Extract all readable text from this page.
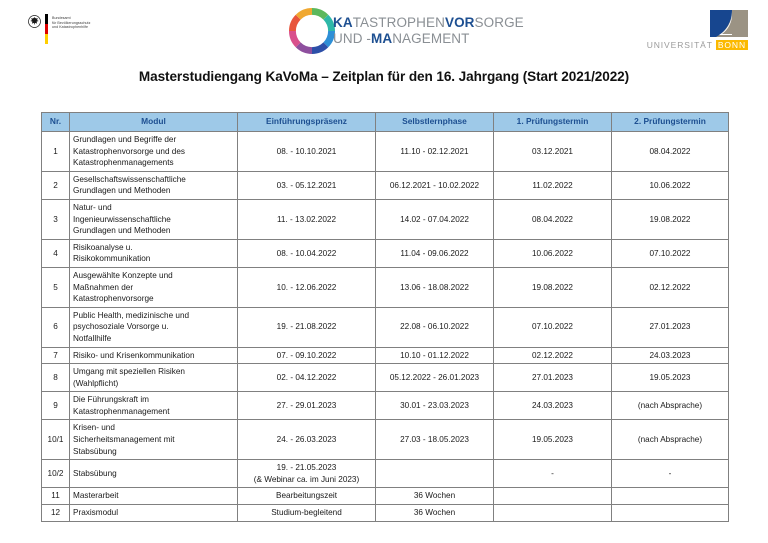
Bundesamt
für Bevölkerungsschutz
und Katastrophenhilfe	KATASTROPHENVORSORGE
UND -MANAGEMENT	UNIVERSITÄT BONN
Masterstudiengang KaVoMa – Zeitplan für den 16. Jahrgang (Start 2021/2022)
Nr.	Modul	Einführungspräsenz	Selbstlernphase	1. Prüfungstermin	2. Prüfungstermin
1	Grundlagen und Begriffe der
Katastrophenvorsorge und des
Katastrophenmanagements	08. - 10.10.2021	11.10 - 02.12.2021	03.12.2021	08.04.2022

2	Gesellschaftswissenschaftliche
Grundlagen und Methoden	03. - 05.12.2021	06.12.2021 - 10.02.2022	11.02.2022	10.06.2022

3	Natur- und
Ingenieurwissenschaftliche
Grundlagen und Methoden	11. - 13.02.2022	14.02 - 07.04.2022	08.04.2022	19.08.2022

4	Risikoanalyse u.
Risikokommunikation	08. - 10.04.2022	11.04 - 09.06.2022	10.06.2022	07.10.2022

5	Ausgewählte Konzepte und
Maßnahmen der
Katastrophenvorsorge	10. - 12.06.2022	13.06 - 18.08.2022	19.08.2022	02.12.2022

6	Public Health, medizinische und
psychosoziale Vorsorge u.
Notfallhilfe	19. - 21.08.2022	22.08 - 06.10.2022	07.10.2022	27.01.2023

7	Risiko- und Krisenkommunikation	07. - 09.10.2022	10.10 - 01.12.2022	02.12.2022	24.03.2023

8	Umgang mit speziellen Risiken
(Wahlpflicht)	02. - 04.12.2022	05.12.2022 - 26.01.2023	27.01.2023	19.05.2023

9	Die Führungskraft im
Katastrophenmanagement	27. - 29.01.2023	30.01 - 23.03.2023	24.03.2023	(nach Absprache)

10/1	Krisen- und
Sicherheitsmanagement mit
Stabsübung	24. - 26.03.2023	27.03 - 18.05.2023	19.05.2023	(nach Absprache)

10/2	Stabsübung	19. - 21.05.2023
(& Webinar ca. im Juni 2023)		-	-

11	Masterarbeit	Bearbeitungszeit	36 Wochen		

12	Praxismodul	Studium-begleitend	36 Wochen		
